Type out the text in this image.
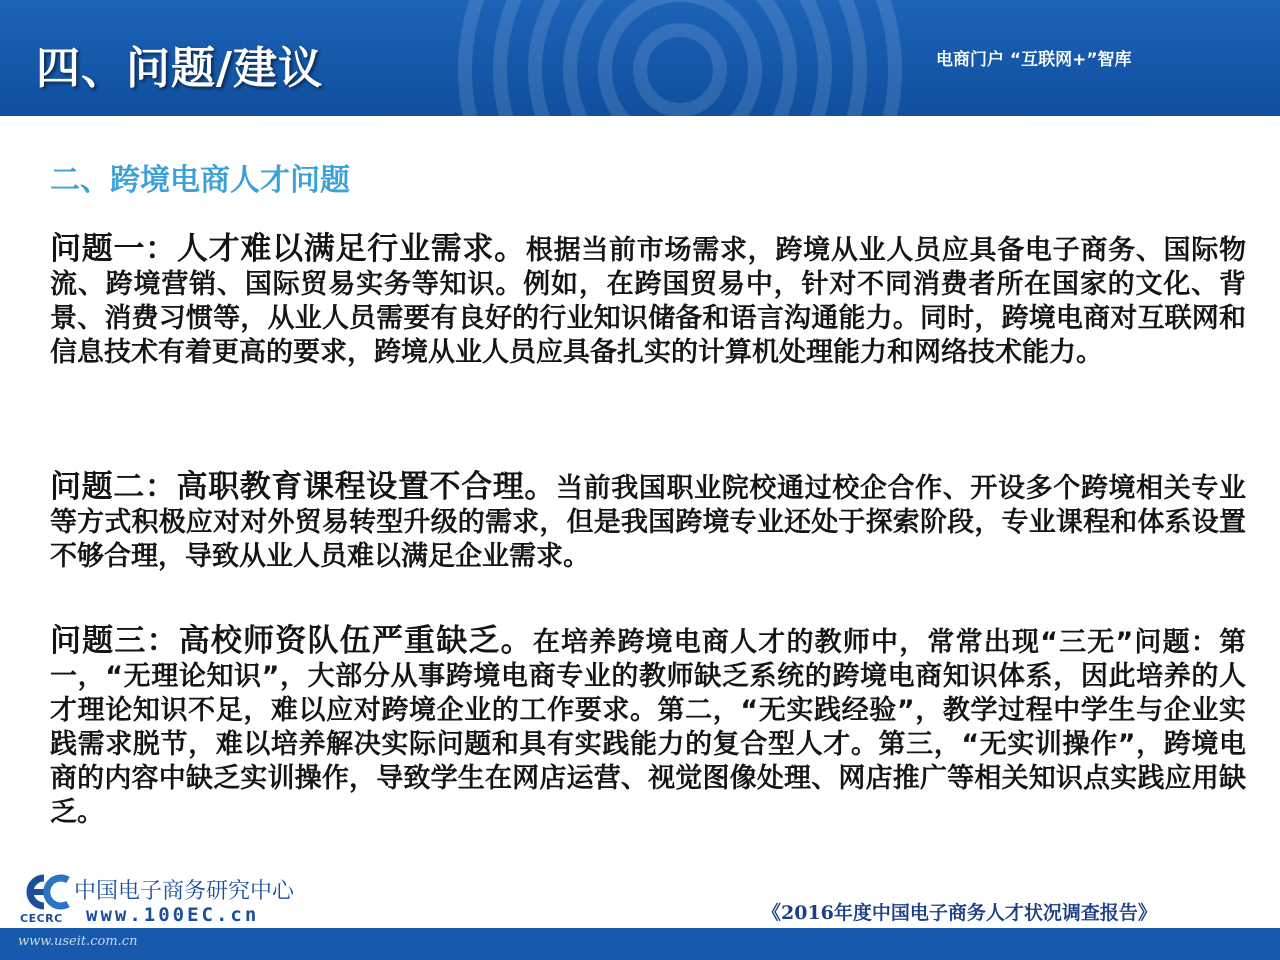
四、问题/建议	电商门户 “互联网+”智库
二、跨境电商人才问题

问题一：人才难以满足行业需求。根据当前市场需求，跨境从业人员应具备电子商务、国际物流、跨境营销、国际贸易实务等知识。例如，在跨国贸易中，针对不同消费者所在国家的文化、背景、消费习惯等，从业人员需要有良好的行业知识储备和语言沟通能力。同时，跨境电商对互联网和信息技术有着更高的要求，跨境从业人员应具备扎实的计算机处理能力和网络技术能力。

问题二：高职教育课程设置不合理。当前我国职业院校通过校企合作、开设多个跨境相关专业等方式积极应对对外贸易转型升级的需求，但是我国跨境专业还处于探索阶段，专业课程和体系设置不够合理，导致从业人员难以满足企业需求。

问题三：高校师资队伍严重缺乏。在培养跨境电商人才的教师中，常常出现“三无”问题：第一，“无理论知识”，大部分从事跨境电商专业的教师缺乏系统的跨境电商知识体系，因此培养的人才理论知识不足，难以应对跨境企业的工作要求。第二，“无实践经验”，教学过程中学生与企业实践需求脱节，难以培养解决实际问题和具有实践能力的复合型人才。第三，“无实训操作”，跨境电商的内容中缺乏实训操作，导致学生在网店运营、视觉图像处理、网店推广等相关知识点实践应用缺乏。

CECRC
中国电子商务研究中心
www.100EC.cn	《2016年度中国电子商务人才状况调查报告》
www.useit.com.cn
